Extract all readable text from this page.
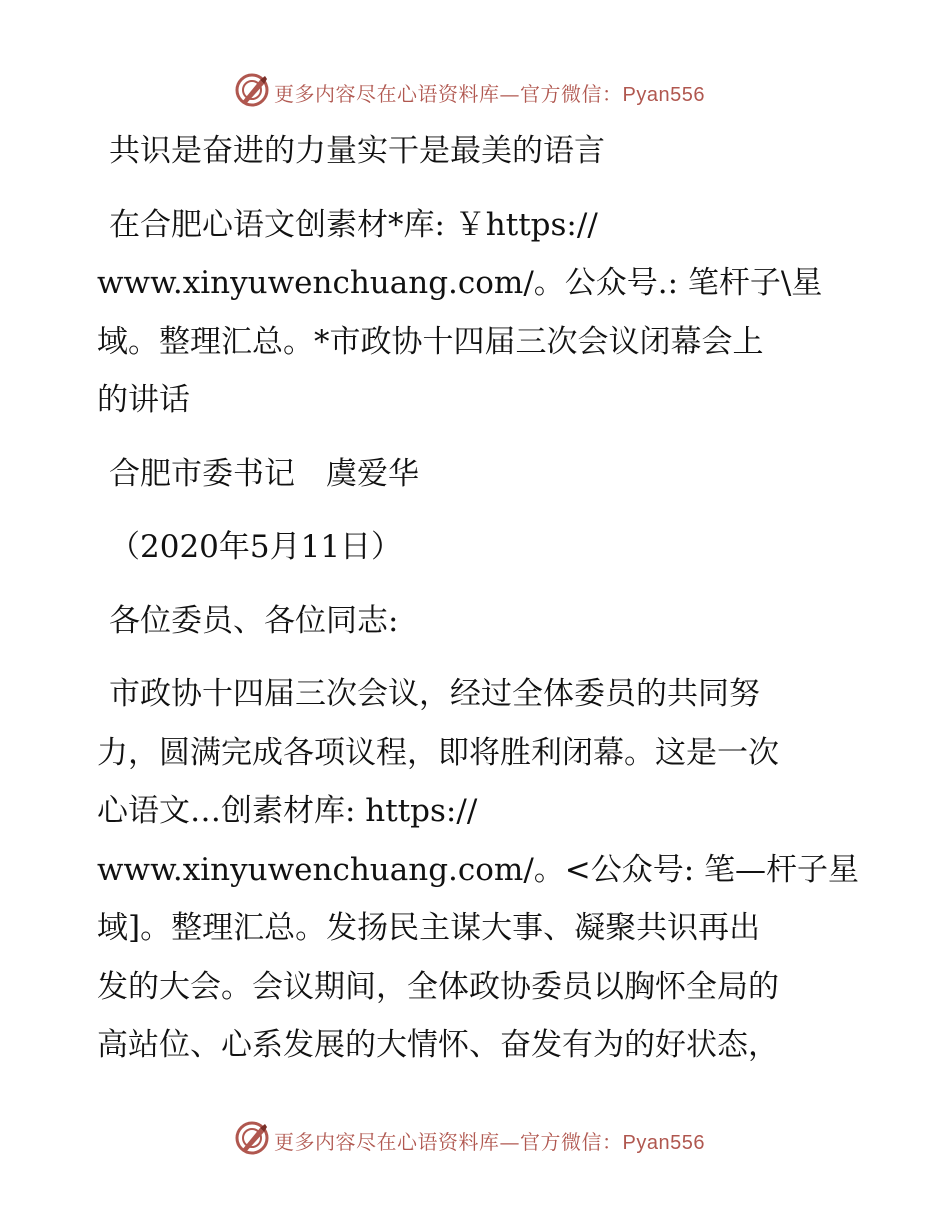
更多内容尽在心语资料库—官方微信：Pyan556

共识是奋进的力量实干是最美的语言

在合肥心语文创素材*库: ￥https://
www.xinyuwenchuang.com/。公众号.: 笔杆子\星
域。整理汇总。*市政协十四届三次会议闭幕会上
的讲话

合肥市委书记　虞爱华

（2020年5月11日）

各位委员、各位同志:

市政协十四届三次会议，经过全体委员的共同努
力，圆满完成各项议程，即将胜利闭幕。这是一次
心语文…创素材库: https://
www.xinyuwenchuang.com/。<公众号: 笔—杆子星
域]。整理汇总。发扬民主谋大事、凝聚共识再出
发的大会。会议期间，全体政协委员以胸怀全局的
高站位、心系发展的大情怀、奋发有为的好状态，

更多内容尽在心语资料库—官方微信：Pyan556
